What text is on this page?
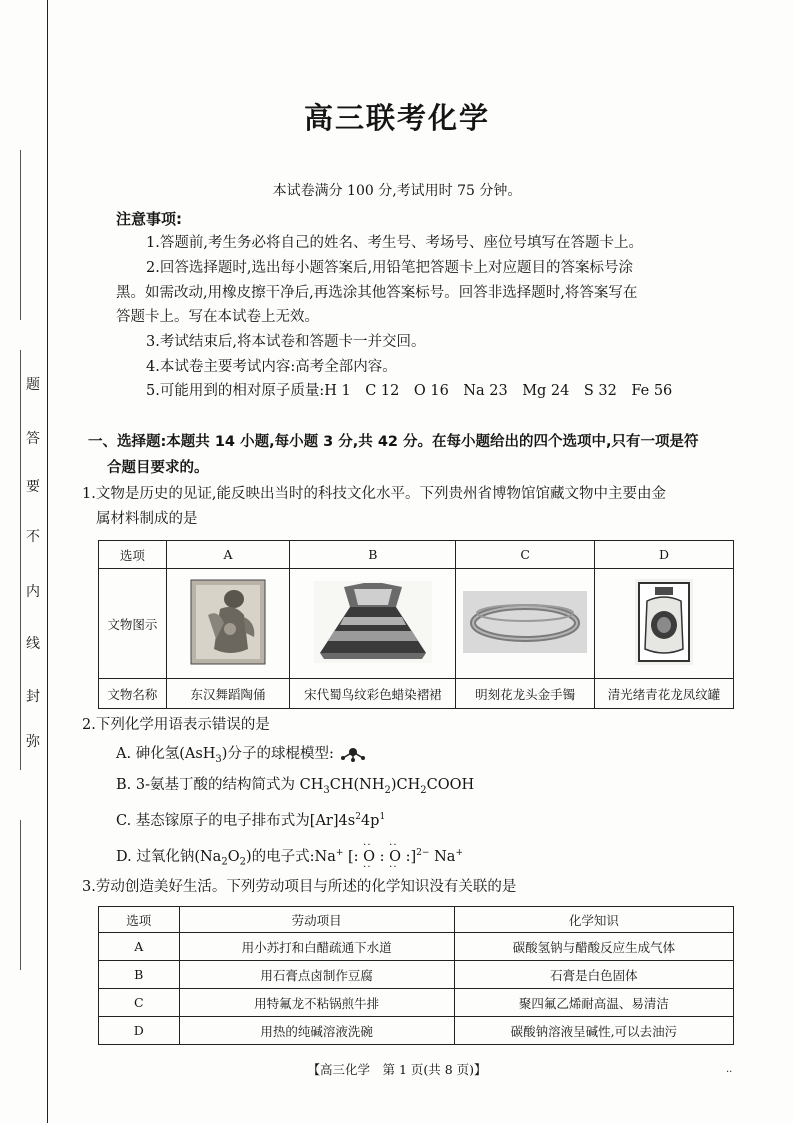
题
答
要
不
内
线
封
弥
高三联考化学
本试卷满分 100 分,考试用时 75 分钟。
注意事项:
1.答题前,考生务必将自己的姓名、考生号、考场号、座位号填写在答题卡上。
2.回答选择题时,选出每小题答案后,用铅笔把答题卡上对应题目的答案标号涂
黑。如需改动,用橡皮擦干净后,再选涂其他答案标号。回答非选择题时,将答案写在
答题卡上。写在本试卷上无效。
3.考试结束后,将本试卷和答题卡一并交回。
4.本试卷主要考试内容:高考全部内容。
5.可能用到的相对原子质量:H 1　C 12　O 16　Na 23　Mg 24　S 32　Fe 56
一、选择题:本题共 14 小题,每小题 3 分,共 42 分。在每小题给出的四个选项中,只有一项是符
合题目要求的。
1.文物是历史的见证,能反映出当时的科技文化水平。下列贵州省博物馆馆藏文物中主要由金
属材料制成的是
选项	A	B	C	D
文物图示				
文物名称	东汉舞蹈陶俑	宋代蜀鸟纹彩色蜡染褶裙	明刻花龙头金手镯	清光绪青花龙凤纹罐
2.下列化学用语表示错误的是
A. 砷化氢(AsH$_3$)分子的球棍模型:
B. 3-氨基丁酸的结构简式为 $CH_3CH(NH_2)CH_2COOH$
C. 基态镓原子的电子排布式为$[Ar]4s^24p^1$
D. 过氧化钠$(Na_2O_2)$的电子式:Na+ [:
··
O
··
:
··
O
··
:]$^{2-}$ Na+
3.劳动创造美好生活。下列劳动项目与所述的化学知识没有关联的是
选项	劳动项目	化学知识
A	用小苏打和白醋疏通下水道	碳酸氢钠与醋酸反应生成气体
B	用石膏点卤制作豆腐	石膏是白色固体
C	用特氟龙不粘锅煎牛排	聚四氟乙烯耐高温、易清洁
D	用热的纯碱溶液洗碗	碳酸钠溶液呈碱性,可以去油污
【高三化学　第 1 页(共 8 页)】	..
